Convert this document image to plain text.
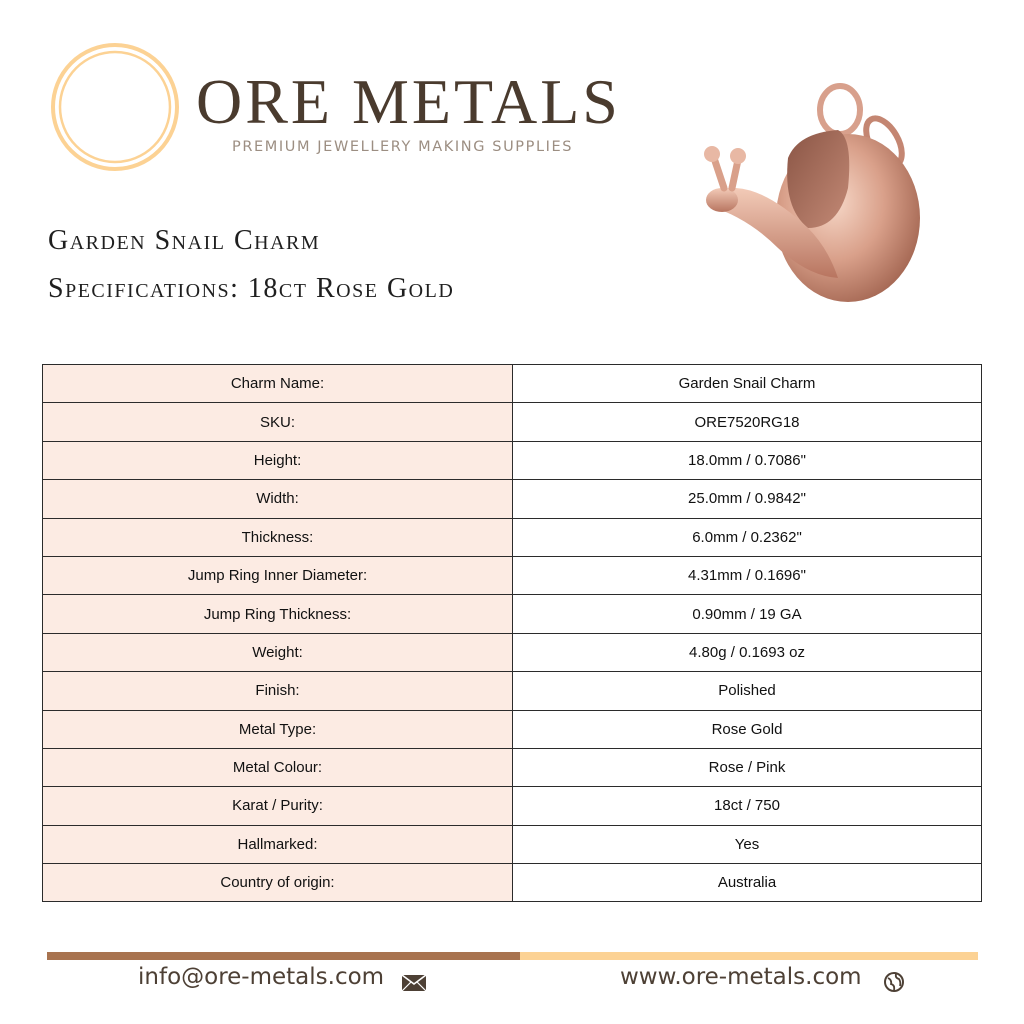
ORE METALS
PREMIUM JEWELLERY MAKING SUPPLIES
Garden Snail Charm
Specifications: 18ct Rose Gold
Charm Name:	Garden Snail Charm
SKU:	ORE7520RG18
Height:	18.0mm / 0.7086"
Width:	25.0mm / 0.9842"
Thickness:	6.0mm / 0.2362"
Jump Ring Inner Diameter:	4.31mm / 0.1696"
Jump Ring Thickness:	0.90mm / 19 GA
Weight:	4.80g / 0.1693 oz
Finish:	Polished
Metal Type:	Rose Gold
Metal Colour:	Rose / Pink
Karat / Purity:	18ct / 750
Hallmarked:	Yes
Country of origin:	Australia
info@ore-metals.com	www.ore-metals.com
